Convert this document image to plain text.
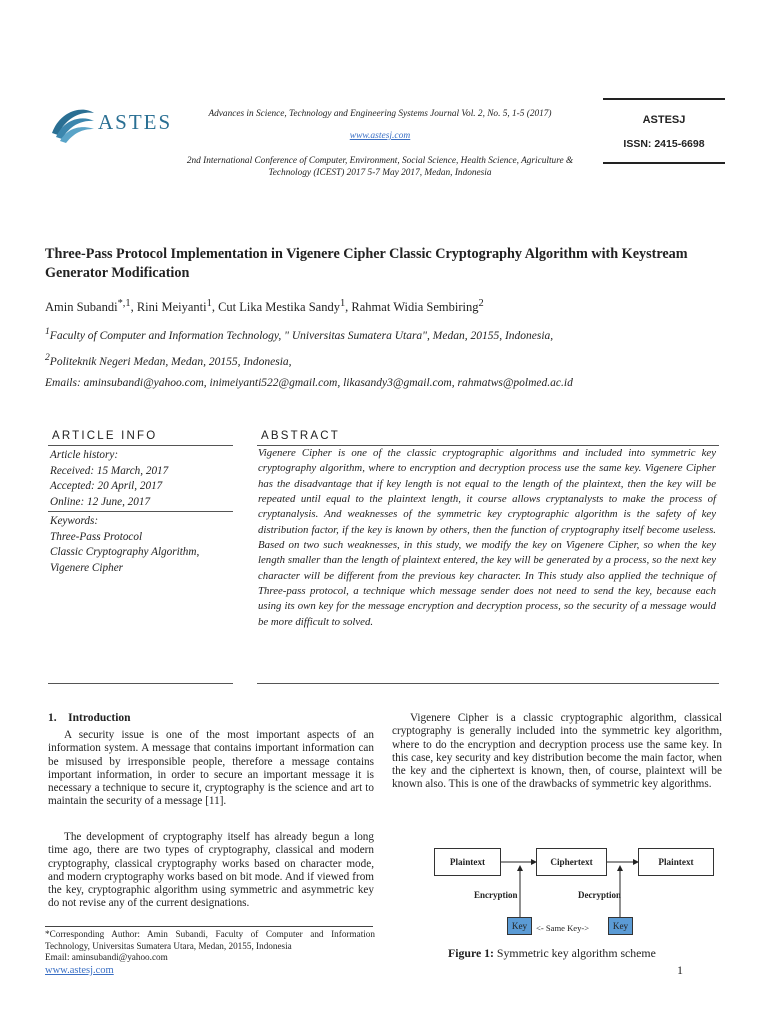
ASTES	Advances in Science, Technology and Engineering Systems Journal Vol. 2, No. 5, 1-5 (2017)
www.astesj.com
2nd International Conference of Computer, Environment, Social Science, Health Science, Agriculture & Technology (ICEST) 2017 5-7 May 2017, Medan, Indonesia
ASTESJ
ISSN: 2415-6698
Three-Pass Protocol Implementation in Vigenere Cipher Classic Cryptography Algorithm with Keystream Generator Modification
Amin Subandi$^{*,1}$, Rini Meiyanti$^1$, Cut Lika Mestika Sandy$^1$, Rahmat Widia Sembiring$^2$
$^1$Faculty of Computer and Information Technology, " Universitas Sumatera Utara", Medan, 20155, Indonesia,
$^2$Politeknik Negeri Medan, Medan, 20155, Indonesia,
Emails: aminsubandi@yahoo.com, inimeiyanti522@gmail.com, likasandy3@gmail.com, rahmatws@polmed.ac.id
ARTICLE INFO	ABSTRACT
Article history:
Received: 15 March, 2017
Accepted: 20 April, 2017
Online: 12 June, 2017
Keywords:
Three-Pass Protocol
Classic Cryptography Algorithm,
Vigenere Cipher
Vigenere Cipher is one of the classic cryptographic algorithms and included into symmetric key cryptography algorithm, where to encryption and decryption process use the same key. Vigenere Cipher has the disadvantage that if key length is not equal to the length of the plaintext, then the key will be repeated until equal to the plaintext length, it course allows cryptanalysts to make the process of cryptanalysis. And weaknesses of the symmetric key cryptographic algorithm is the safety of key distribution factor, if the key is known by others, then the function of cryptography itself become useless. Based on two such weaknesses, in this study, we modify the key on Vigenere Cipher, so when the key length smaller than the length of plaintext entered, the key will be generated by a process, so the next key character will be different from the previous key character. In This study also applied the technique of Three-pass protocol, a technique which message sender does not need to send the key, because each using its own key for the message encryption and decryption process, so the security of a message would be more difficult to solved.
1.    Introduction
A security issue is one of the most important aspects of an information system. A message that contains important information can be misused by irresponsible people, therefore a message contains important information, in order to secure an important message it is necessary a technique to secure it, cryptography is the science and art to maintain the security of a message [11].
The development of cryptography itself has already begun a long time ago, there are two types of cryptography, classical and modern cryptography, classical cryptography works based on character mode, and modern cryptography works based on bit mode. And if viewed from the key, cryptographic algorithm using symmetric and asymmetric key do not revise any of the current designations.
Vigenere Cipher is a classic cryptographic algorithm, classical cryptography is generally included into the symmetric key algorithm, where to do the encryption and decryption process use the same key. In this case, key security and key distribution become the main factor, when the key and the ciphertext is known, then, of course, plaintext will be known also. This is one of the drawbacks of symmetric key algorithms.
Plaintext	Ciphertext	Plaintext
Encryption	Decryption
Key	<- Same Key->	Key
Figure 1: Symmetric key algorithm scheme
*Corresponding Author: Amin Subandi, Faculty of Computer and Information Technology, Universitas Sumatera Utara, Medan, 20155, Indonesia
Email: aminsubandi@yahoo.com
www.astesj.com	1
